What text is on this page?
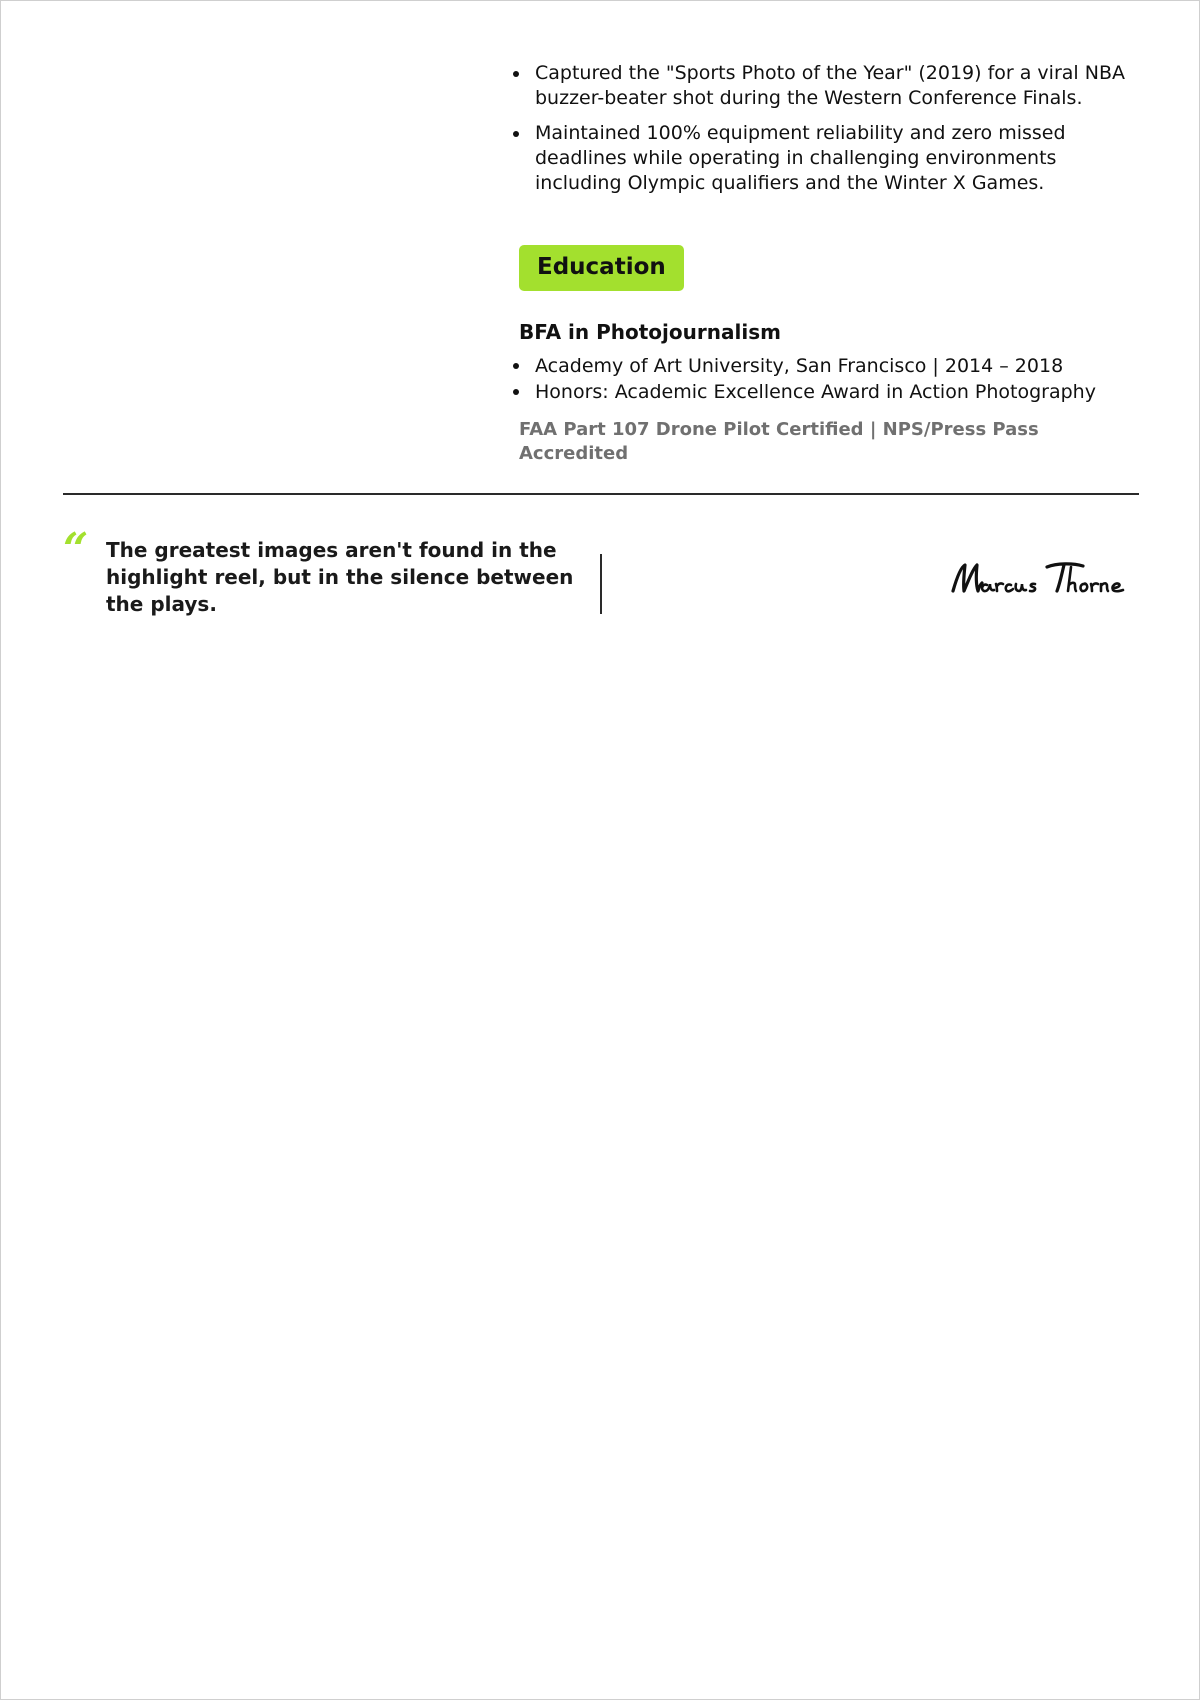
Captured the "Sports Photo of the Year" (2019) for a viral NBA buzzer-beater shot during the Western Conference Finals.
Maintained 100% equipment reliability and zero missed deadlines while operating in challenging environments including Olympic qualifiers and the Winter X Games.
Education
BFA in Photojournalism
Academy of Art University, San Francisco | 2014 – 2018
Honors: Academic Excellence Award in Action Photography
FAA Part 107 Drone Pilot Certified | NPS/Press Pass Accredited
“ The greatest images aren't found in the highlight reel, but in the silence between the plays.
